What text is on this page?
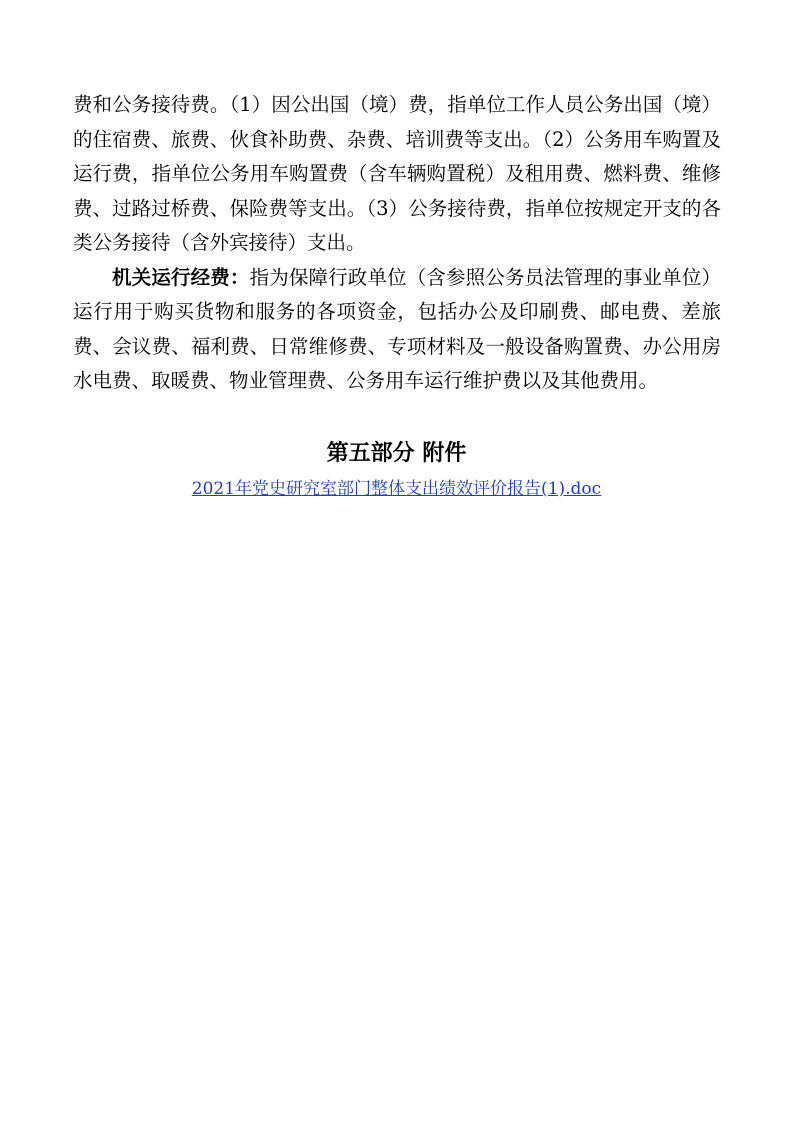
费和公务接待费。（1）因公出国（境）费，指单位工作人员公务出国（境）的住宿费、旅费、伙食补助费、杂费、培训费等支出。（2）公务用车购置及运行费，指单位公务用车购置费（含车辆购置税）及租用费、燃料费、维修费、过路过桥费、保险费等支出。（3）公务接待费，指单位按规定开支的各类公务接待（含外宾接待）支出。

机关运行经费：指为保障行政单位（含参照公务员法管理的事业单位）运行用于购买货物和服务的各项资金，包括办公及印刷费、邮电费、差旅费、会议费、福利费、日常维修费、专项材料及一般设备购置费、办公用房水电费、取暖费、物业管理费、公务用车运行维护费以及其他费用。

第五部分 附件
2021年党史研究室部门整体支出绩效评价报告(1).doc
